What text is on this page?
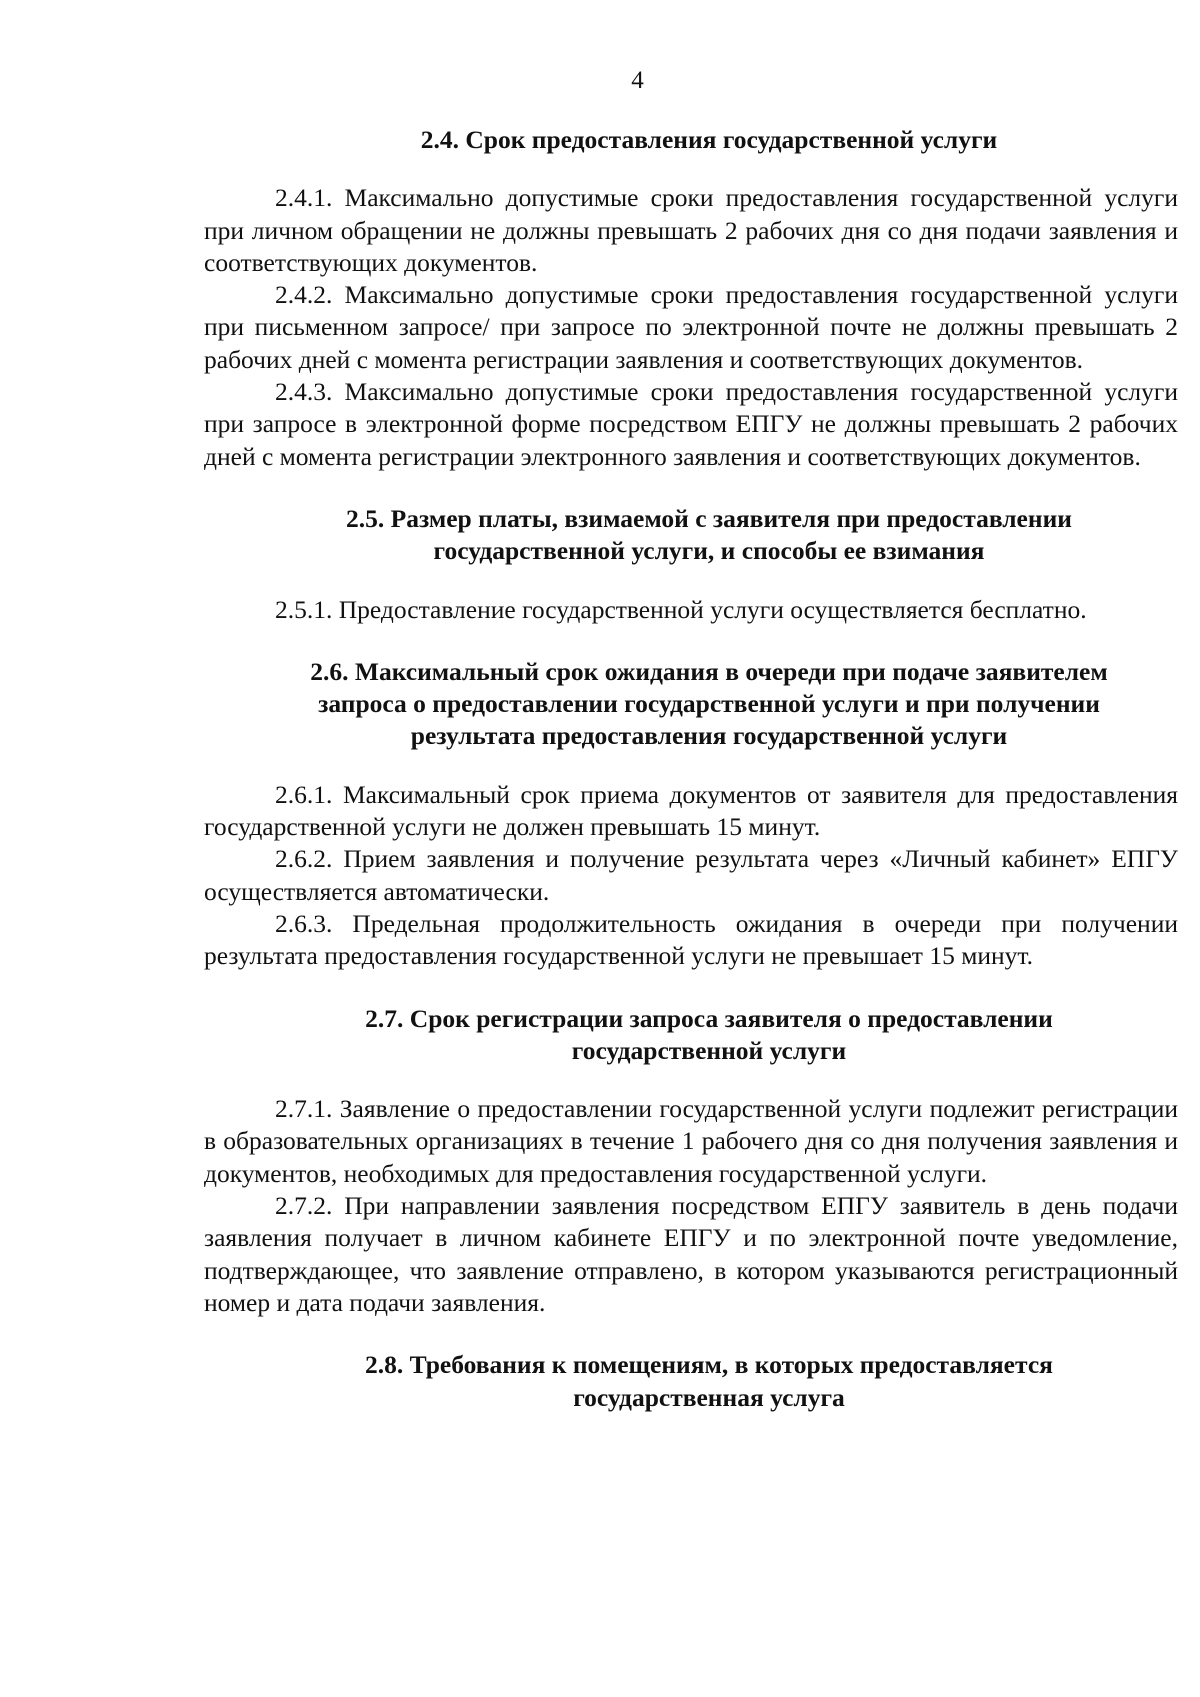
4

2.4. Срок предоставления государственной услуги

2.4.1. Максимально допустимые сроки предоставления государственной услуги при личном обращении не должны превышать 2 рабочих дня со дня подачи заявления и соответствующих документов.

2.4.2. Максимально допустимые сроки предоставления государственной услуги при письменном запросе/ при запросе по электронной почте не должны превышать 2 рабочих дней с момента регистрации заявления и соответствующих документов.

2.4.3. Максимально допустимые сроки предоставления государственной услуги при запросе в электронной форме посредством ЕПГУ не должны превышать 2 рабочих дней с момента регистрации электронного заявления и соответствующих документов.

2.5. Размер платы, взимаемой с заявителя при предоставлении

государственной услуги, и способы ее взимания

2.5.1. Предоставление государственной услуги осуществляется бесплатно.

2.6. Максимальный срок ожидания в очереди при подаче заявителем

запроса о предоставлении государственной услуги и при получении

результата предоставления государственной услуги

2.6.1. Максимальный срок приема документов от заявителя для предоставления государственной услуги не должен превышать 15 минут.

2.6.2. Прием заявления и получение результата через «Личный кабинет» ЕПГУ осуществляется автоматически.

2.6.3. Предельная продолжительность ожидания в очереди при получении результата предоставления государственной услуги не превышает 15 минут.

2.7. Срок регистрации запроса заявителя о предоставлении

государственной услуги

2.7.1. Заявление о предоставлении государственной услуги подлежит регистрации в образовательных организациях в течение 1 рабочего дня со дня получения заявления и документов, необходимых для предоставления государственной услуги.

2.7.2. При направлении заявления посредством ЕПГУ заявитель в день подачи заявления получает в личном кабинете ЕПГУ и по электронной почте уведомление, подтверждающее, что заявление отправлено, в котором указываются регистрационный номер и дата подачи заявления.

2.8. Требования к помещениям, в которых предоставляется

государственная услуга
